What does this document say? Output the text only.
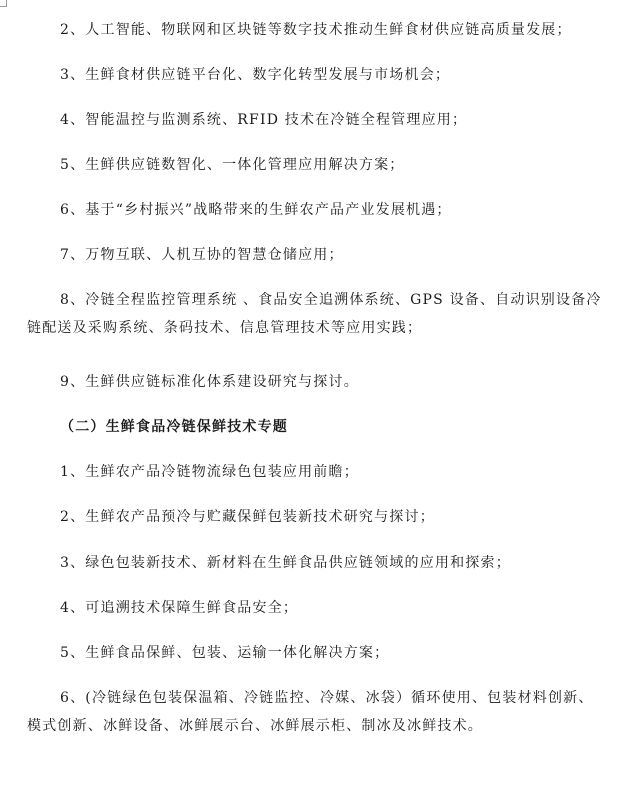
2、人工智能、物联网和区块链等数字技术推动生鲜食材供应链高质量发展；
3、生鲜食材供应链平台化、数字化转型发展与市场机会；
4、智能温控与监测系统、RFID 技术在冷链全程管理应用；
5、生鲜供应链数智化、一体化管理应用解决方案；
6、基于“乡村振兴”战略带来的生鲜农产品产业发展机遇；
7、万物互联、人机互协的智慧仓储应用；
8、冷链全程监控管理系统 、食品安全追溯体系统、GPS 设备、自动识别设备冷链配送及采购系统、条码技术、信息管理技术等应用实践；
9、生鲜供应链标准化体系建设研究与探讨。
（二）生鲜食品冷链保鲜技术专题
1、生鲜农产品冷链物流绿色包装应用前瞻；
2、生鲜农产品预冷与贮藏保鲜包装新技术研究与探讨；
3、绿色包装新技术、新材料在生鲜食品供应链领域的应用和探索；
4、可追溯技术保障生鲜食品安全；
5、生鲜食品保鲜、包装、运输一体化解决方案；
6、(冷链绿色包装保温箱、冷链监控、冷媒、冰袋）循环使用、包装材料创新、模式创新、冰鲜设备、冰鲜展示台、冰鲜展示柜、制冰及冰鲜技术。
